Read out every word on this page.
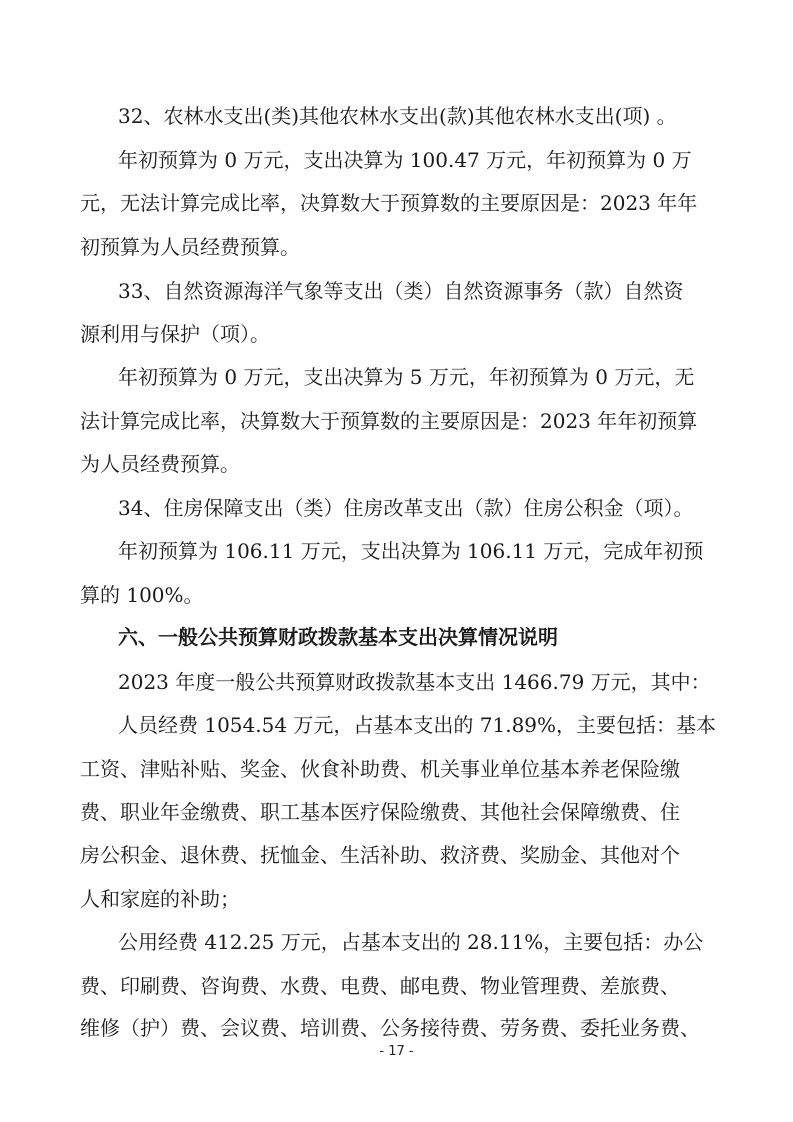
32、农林水支出(类)其他农林水支出(款)其他农林水支出(项) 。
年初预算为 0 万元，支出决算为 100.47 万元，年初预算为 0 万
元，无法计算完成比率，决算数大于预算数的主要原因是：2023 年年
初预算为人员经费预算。
33、自然资源海洋气象等支出（类）自然资源事务（款）自然资
源利用与保护（项）。
年初预算为 0 万元，支出决算为 5 万元，年初预算为 0 万元，无
法计算完成比率，决算数大于预算数的主要原因是：2023 年年初预算
为人员经费预算。
34、住房保障支出（类）住房改革支出（款）住房公积金（项）。
年初预算为 106.11 万元，支出决算为 106.11 万元，完成年初预
算的 100%。
六、一般公共预算财政拨款基本支出决算情况说明
2023 年度一般公共预算财政拨款基本支出 1466.79 万元，其中：
人员经费 1054.54 万元，占基本支出的 71.89%，主要包括：基本
工资、津贴补贴、奖金、伙食补助费、机关事业单位基本养老保险缴
费、职业年金缴费、职工基本医疗保险缴费、其他社会保障缴费、住
房公积金、退休费、抚恤金、生活补助、救济费、奖励金、其他对个
人和家庭的补助；
公用经费 412.25 万元，占基本支出的 28.11%，主要包括：办公
费、印刷费、咨询费、水费、电费、邮电费、物业管理费、差旅费、
维修（护）费、会议费、培训费、公务接待费、劳务费、委托业务费、
- 17 -
